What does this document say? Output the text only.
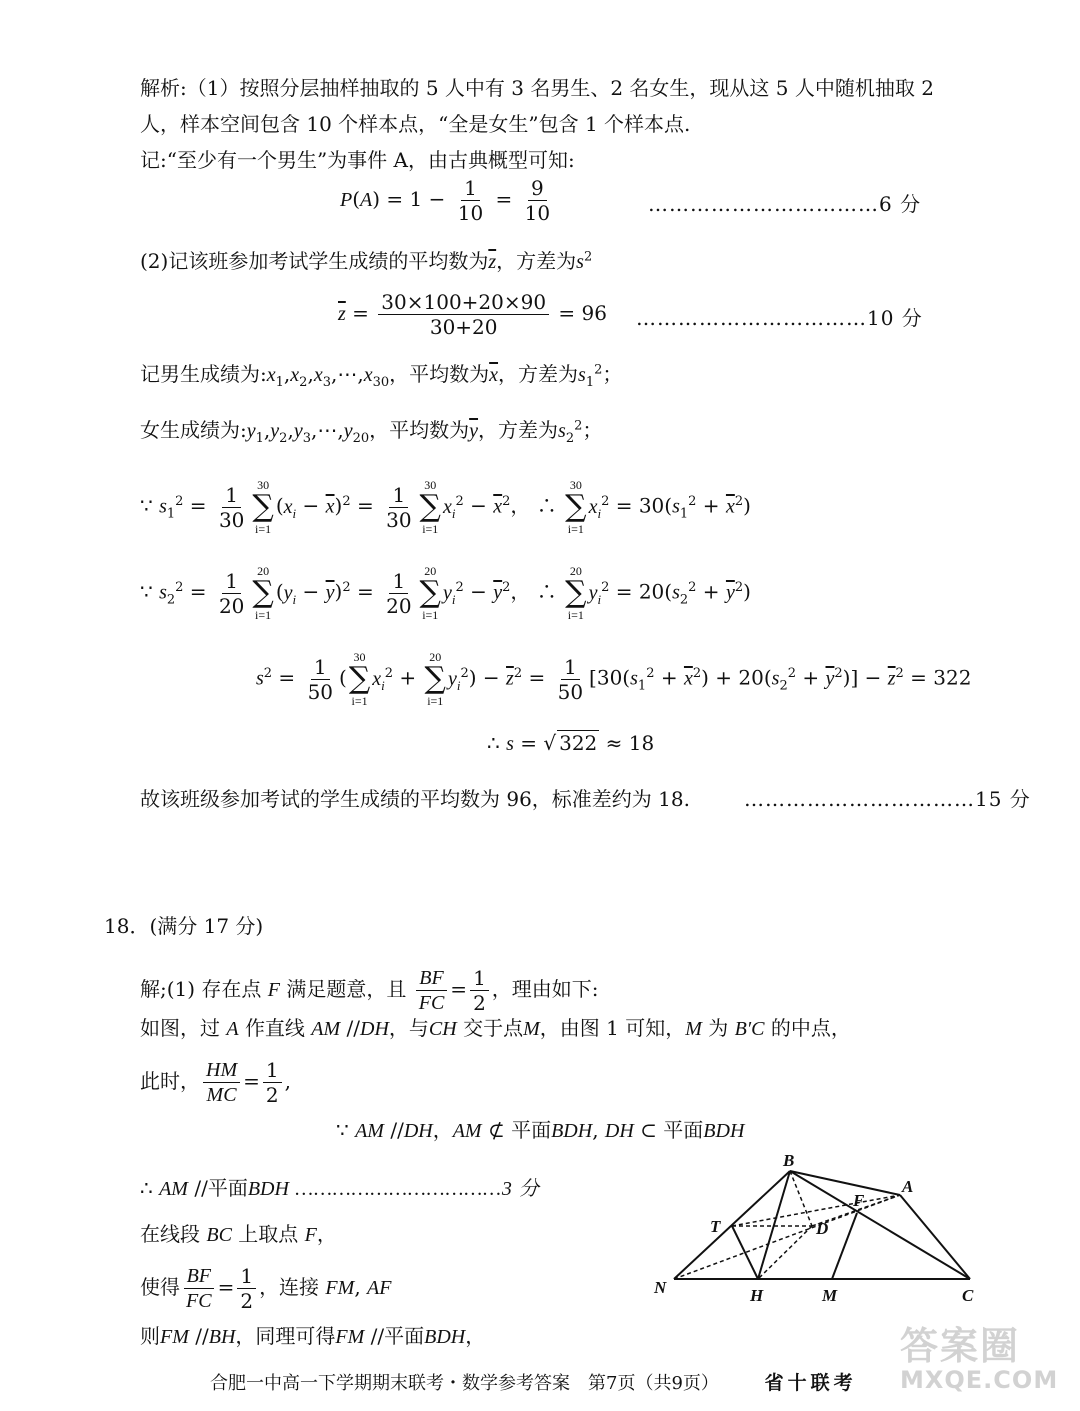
解析:（1）按照分层抽样抽取的 5 人中有 3 名男生、2 名女生，现从这 5 人中随机抽取 2
人，样本空间包含 10 个样本点，“全是女生”包含 1 个样本点.
记:“至少有一个男生”为事件 A，由古典概型可知:
$P(A) = 1 - \frac{1}{10} = \frac{9}{10}$	……………………………6 分
(2)记该班参加考试学生成绩的平均数为$\overline{z}$，方差为$s^2$
$\overline{z} = \frac{30\times 100+20\times 90}{30+20} = 96$ ……………………………10 分
记男生成绩为$:x_1,x_2,x_3,\cdots,x_{30}$，平均数为$\overline{x}$，方差为$s_1^2$；
女生成绩为$:y_1,y_2,y_3,\cdots,y_{20}$，平均数为$\overline{y}$，方差为$s_2^2$；
∵ $s_1^2 = \frac{1}{30} 30$
∑
i=1
$(x_i - \overline{x})^2 = \frac{1}{30} 30$
∑
i=1
$x_i^2 - \overline{x}^2$， ∴
30
∑
i=1
$x_i^2 = 30(s_1^2 + \overline{x}^2)$
∵ $s_2^2 = \frac{1}{20} 20$
∑
i=1
$(y_i - \overline{y})^2 = \frac{1}{20} 20$
∑
i=1
$y_i^2 - \overline{y}^2$， ∴
20
∑
i=1
$y_i^2 = 20(s_2^2 + \overline{y}^2)$
$s^2 = \frac{1}{50}$ (
30
∑
i=1
$x_i^2$ +
20
∑
i=1
$y_i^2) - \overline{z}^2 = \frac{1}{50} [30(s_1^2 + \overline{x}^2) + 20(s_2^2 + \overline{y}^2)] - \overline{z}^2 = 322$
∴ s = √ 322 ≈ 18
故该班级参加考试的学生成绩的平均数为 96，标准差约为 18.	……………………………15 分
18．(满分 17 分)
解;(1) 存在点 F 满足题意，且 $\frac{BF}{FC} = \frac{1}{2}$ ，理由如下:
如图，过 A 作直线 AM //DH，与CH 交于点M，由图 1 可知，M 为 B′C 的中点，
此时， $\frac{HM}{MC} = \frac{1}{2}$ ,
∵ AM //DH，AM ⊄ 平面BDH, DH ⊂ 平面BDH
∴ AM //平面BDH ……………………………3 分
在线段 BC 上取点 F，
使得 $\frac{BF}{FC} = \frac{1}{2}$ ，连接 FM, AF
则FM //BH，同理可得FM //平面BDH，
B
A
F
T	D
N	H	M	C
合肥一中高一下学期期末联考・数学参考答案　第7页（共9页） 省十联考
答案圈
MXQE.COM
